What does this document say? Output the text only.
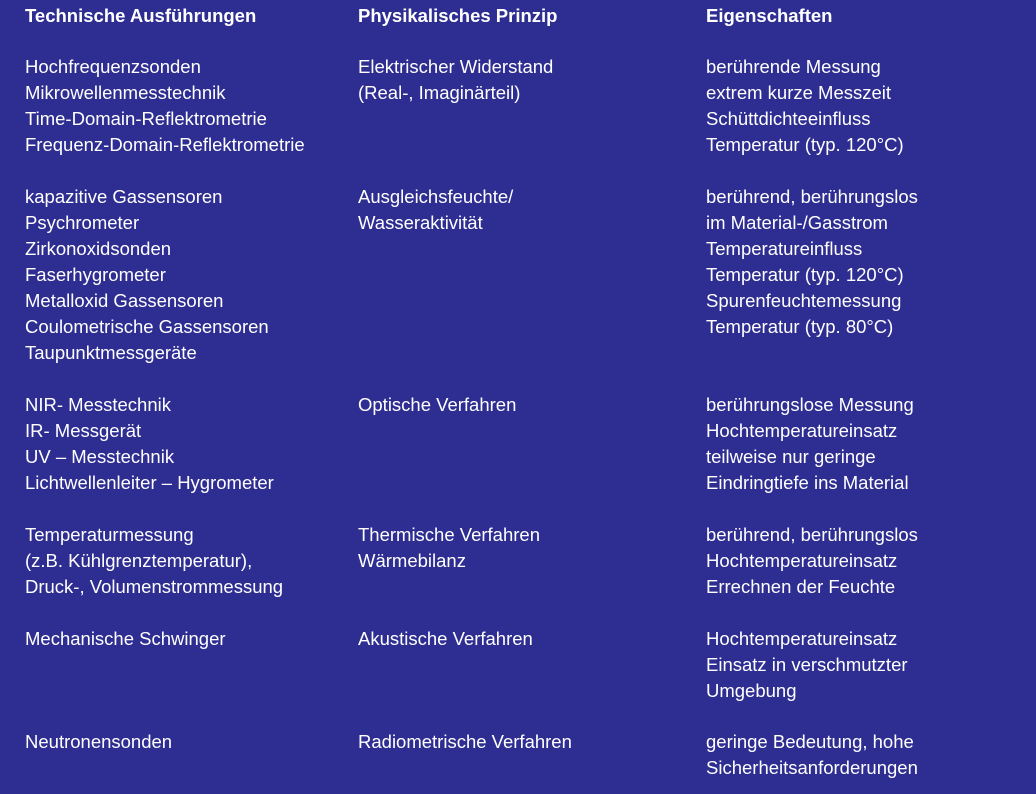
Technische Ausführungen
Hochfrequenzsonden
Mikrowellenmesstechnik
Time-Domain-Reflektrometrie
Frequenz-Domain-Reflektrometrie
kapazitive Gassensoren
Psychrometer
Zirkonoxidsonden
Faserhygrometer
Metalloxid Gassensoren
Coulometrische Gassensoren
Taupunktmessgeräte
NIR- Messtechnik
IR- Messgerät
UV – Messtechnik
Lichtwellenleiter – Hygrometer
Temperaturmessung
(z.B. Kühlgrenztemperatur),
Druck-, Volumenstrommessung
Mechanische Schwinger
Neutronensonden
Physikalisches Prinzip
Elektrischer Widerstand
(Real-, Imaginärteil)
Ausgleichsfeuchte/
Wasseraktivität
Optische Verfahren
Thermische Verfahren
Wärmebilanz
Akustische Verfahren
Radiometrische Verfahren
Eigenschaften
berührende Messung
extrem kurze Messzeit
Schüttdichteeinfluss
Temperatur (typ. 120°C)
berührend, berührungslos
im Material-/Gasstrom
Temperatureinfluss
Temperatur (typ. 120°C)
Spurenfeuchtemessung
Temperatur (typ. 80°C)
berührungslose Messung
Hochtemperatureinsatz
teilweise nur geringe
Eindringtiefe ins Material
berührend, berührungslos
Hochtemperatureinsatz
Errechnen der Feuchte
Hochtemperatureinsatz
Einsatz in verschmutzter
Umgebung
geringe Bedeutung, hohe
Sicherheitsanforderungen
